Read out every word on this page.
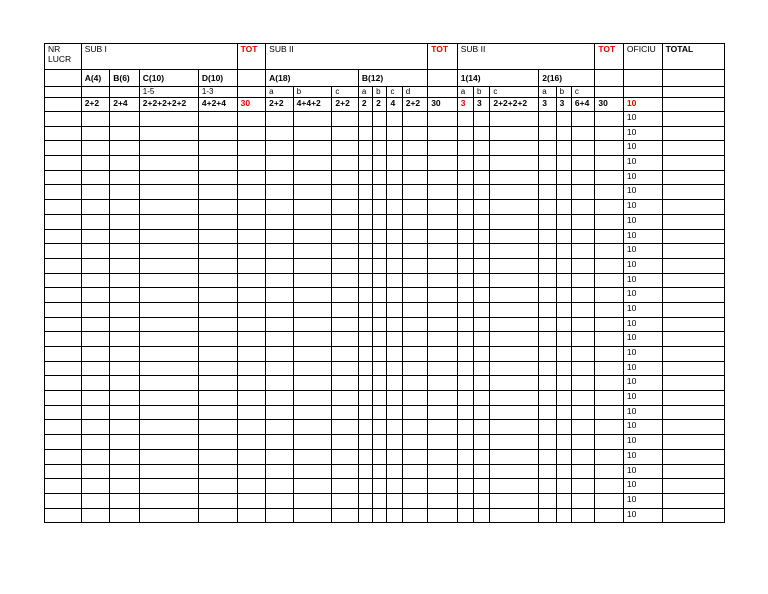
NR LUCR	SUB I				TOT	SUB II							TOT	SUB II						TOT	OFICIU	TOTAL
	A(4)	B(6)	C(10)	D(10)		A(18)			B(12)					1(14)			2(16)					
			1-5	1-3		a	b	c	a	b	c	d		a	b	c	a	b	c			
	2+2	2+4	2+2+2+2+2	4+2+4	30	2+2	4+4+2	2+2	2	2	4	2+2	30	3	3	2+2+2+2	3	3	6+4	30	10	
																					10	
																					10	
																					10	
																					10	
																					10	
																					10	
																					10	
																					10	
																					10	
																					10	
																					10	
																					10	
																					10	
																					10	
																					10	
																					10	
																					10	
																					10	
																					10	
																					10	
																					10	
																					10	
																					10	
																					10	
																					10	
																					10	
																					10	
																					10	
